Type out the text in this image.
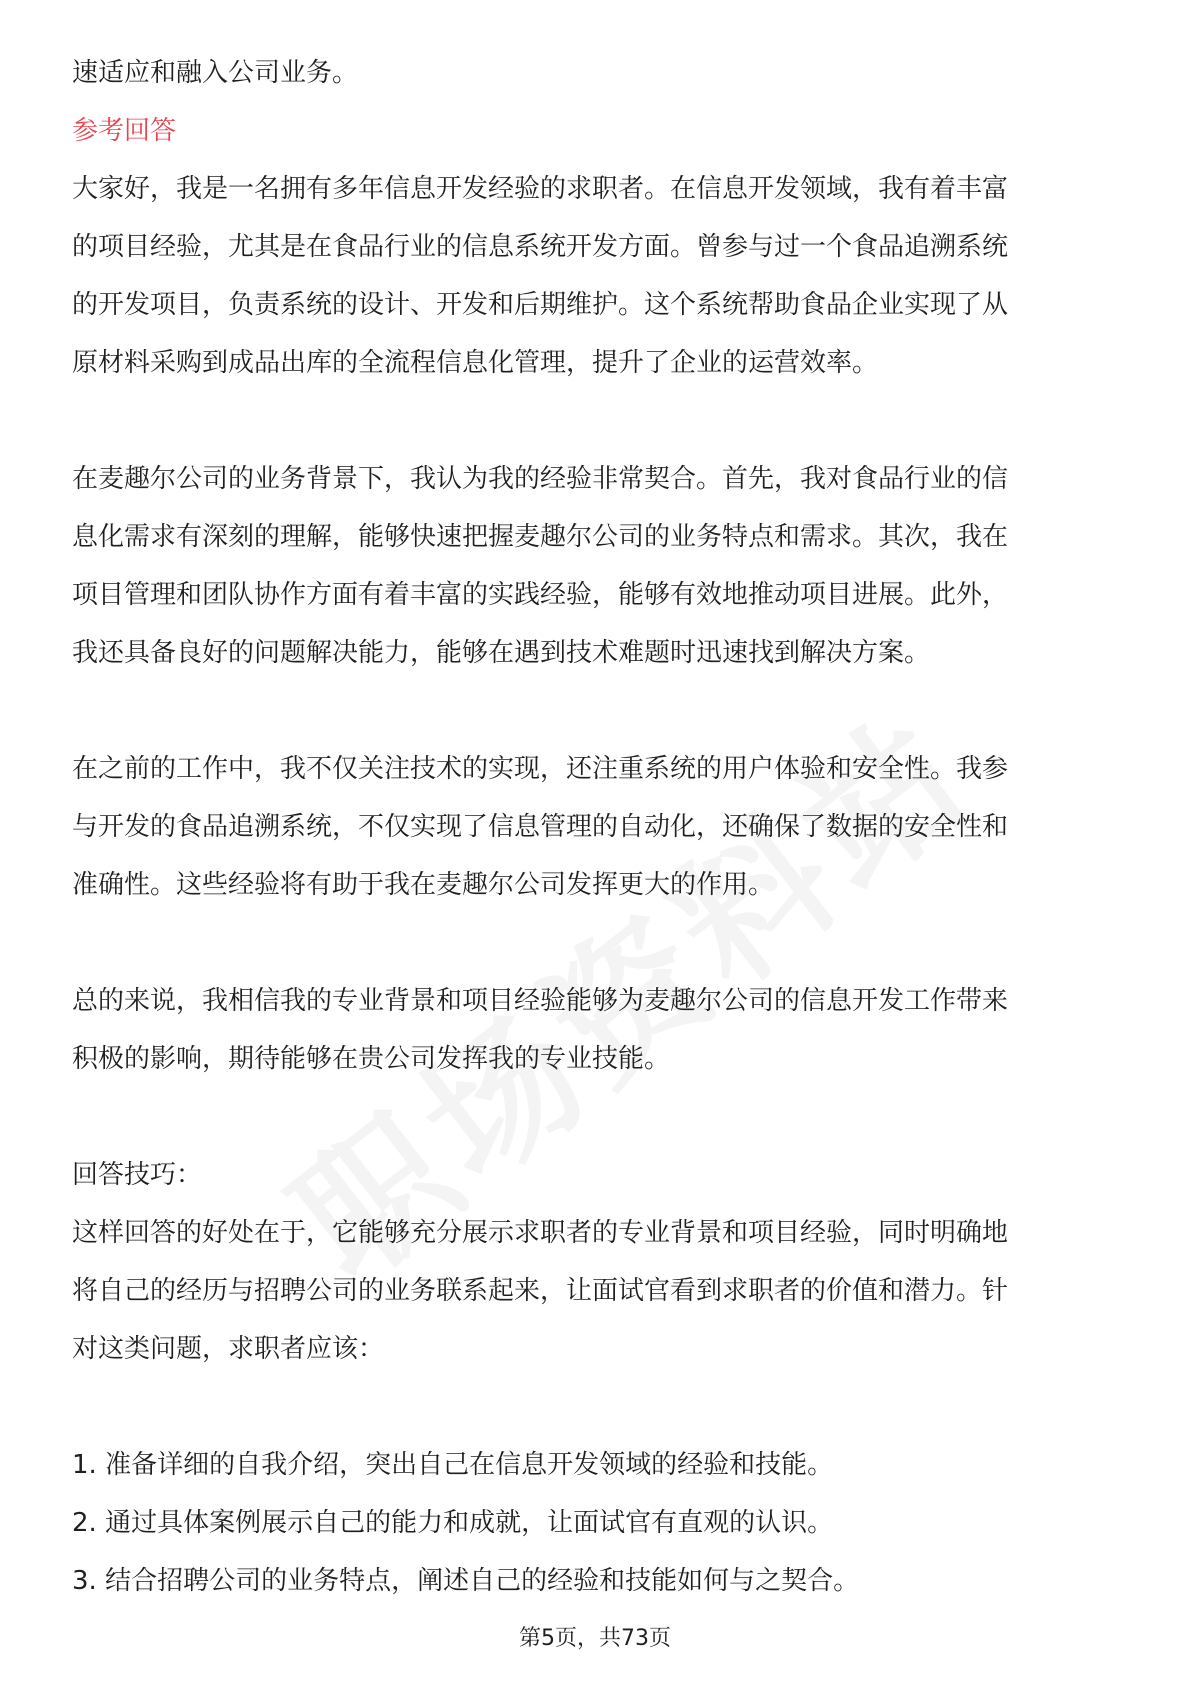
速适应和融入公司业务。
参考回答
大家好，我是一名拥有多年信息开发经验的求职者。在信息开发领域，我有着丰富
的项目经验，尤其是在食品行业的信息系统开发方面。曾参与过一个食品追溯系统
的开发项目，负责系统的设计、开发和后期维护。这个系统帮助食品企业实现了从
原材料采购到成品出库的全流程信息化管理，提升了企业的运营效率。
在麦趣尔公司的业务背景下，我认为我的经验非常契合。首先，我对食品行业的信
息化需求有深刻的理解，能够快速把握麦趣尔公司的业务特点和需求。其次，我在
项目管理和团队协作方面有着丰富的实践经验，能够有效地推动项目进展。此外，
我还具备良好的问题解决能力，能够在遇到技术难题时迅速找到解决方案。
在之前的工作中，我不仅关注技术的实现，还注重系统的用户体验和安全性。我参
与开发的食品追溯系统，不仅实现了信息管理的自动化，还确保了数据的安全性和
准确性。这些经验将有助于我在麦趣尔公司发挥更大的作用。
总的来说，我相信我的专业背景和项目经验能够为麦趣尔公司的信息开发工作带来
积极的影响，期待能够在贵公司发挥我的专业技能。
回答技巧：
这样回答的好处在于，它能够充分展示求职者的专业背景和项目经验，同时明确地
将自己的经历与招聘公司的业务联系起来，让面试官看到求职者的价值和潜力。针
对这类问题，求职者应该：
1. 准备详细的自我介绍，突出自己在信息开发领域的经验和技能。
2. 通过具体案例展示自己的能力和成就，让面试官有直观的认识。
3. 结合招聘公司的业务特点，阐述自己的经验和技能如何与之契合。
第5页，共73页
